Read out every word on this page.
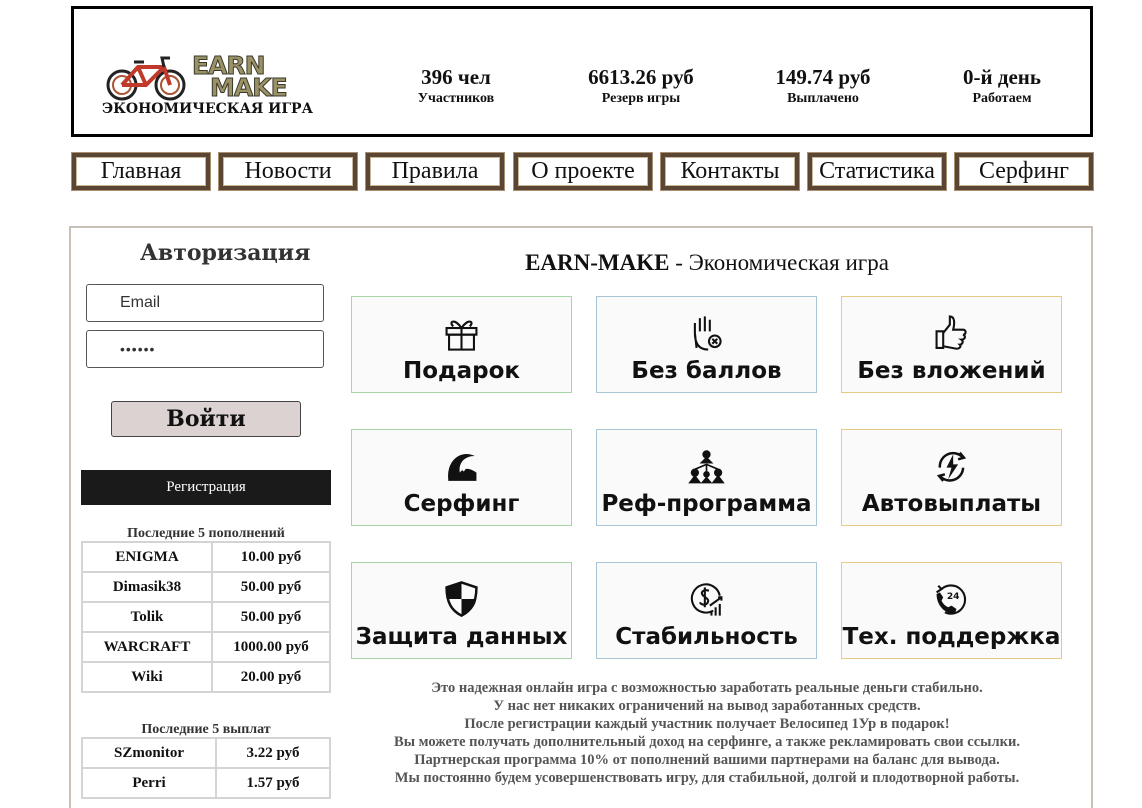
EARN
MAKE
ЭКОНОМИЧЕСКАЯ ИГРА
396 чел
Участников
6613.26 руб
Резерв игры
149.74 руб
Выплачено
0-й день
Работаем
Главная	Новости	Правила	О проекте	Контакты	Статистика	Серфинг
Авторизация
Email
••••••
Войти
Регистрация
Последние 5 пополнений
ENIGMA	10.00 руб
Dimasik38	50.00 руб
Tolik	50.00 руб
WARCRAFT	1000.00 руб
Wiki	20.00 руб
Последние 5 выплат
SZmonitor	3.22 руб
Perri	1.57 руб
EARN-MAKE - Экономическая игра
Подарок	Без баллов	Без вложений
Серфинг	Реф-программа	Автовыплаты
Защита данных	Стабильность
24
Тех. поддержка
Это надежная онлайн игра с возможностью заработать реальные деньги стабильно.
У нас нет никаких ограничений на вывод заработанных средств.
После регистрации каждый участник получает Велосипед 1Ур в подарок!
Вы можете получать дополнительный доход на серфинге, а также рекламировать свои ссылки.
Партнерская программа 10% от пополнений вашими партнерами на баланс для вывода.
Мы постоянно будем усовершенствовать игру, для стабильной, долгой и плодотворной работы.
